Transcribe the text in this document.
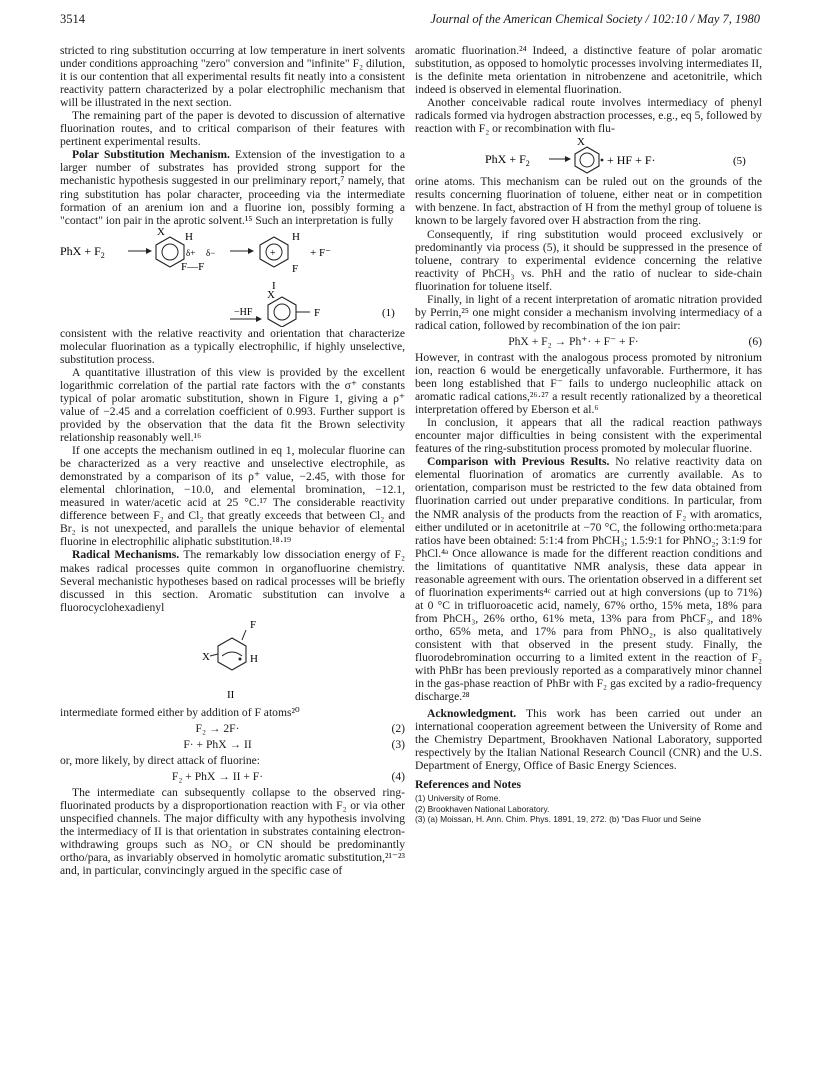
3514	Journal of the American Chemical Society / 102:10 / May 7, 1980

stricted to ring substitution occurring at low temperature in inert solvents under conditions approaching "zero" conversion and "infinite" F₂ dilution, it is our contention that all experimental results fit neatly into a consistent reactivity pattern characterized by a polar electrophilic mechanism that will be illustrated in the next section.

The remaining part of the paper is devoted to discussion of alternative fluorination routes, and to critical comparison of their features with pertinent experimental results.

Polar Substitution Mechanism. Extension of the investigation to a larger number of substrates has provided strong support for the mechanistic hypothesis suggested in our preliminary report,⁷ namely, that ring substitution has polar character, proceeding via the intermediate formation of an arenium ion and a fluorine ion, possibly forming a "contact" ion pair in the aprotic solvent.¹⁵ Such an interpretation is fully

PhX + $F_2$
X H
δ+ δ−
F—F
+
H
F
+ F⁻
I
−HF
X
F	(1)

consistent with the relative reactivity and orientation that characterize molecular fluorination as a typically electrophilic, if highly unselective, substitution process.

A quantitative illustration of this view is provided by the excellent logarithmic correlation of the partial rate factors with the σ⁺ constants typical of polar aromatic substitution, shown in Figure 1, giving a ρ⁺ value of −2.45 and a correlation coefficient of 0.993. Further support is provided by the observation that the data fit the Brown selectivity relationship reasonably well.¹⁶

If one accepts the mechanism outlined in eq 1, molecular fluorine can be characterized as a very reactive and unselective electrophile, as demonstrated by a comparison of its ρ⁺ value, −2.45, with those for elemental chlorination, −10.0, and elemental bromination, −12.1, measured in water/acetic acid at 25 °C.¹⁷ The considerable reactivity difference between F₂ and Cl₂ that greatly exceeds that between Cl₂ and Br₂ is not unexpected, and parallels the unique behavior of elemental fluorine in electrophilic aliphatic substitution.¹⁸·¹⁹

Radical Mechanisms. The remarkably low dissociation energy of F₂ makes radical processes quite common in organofluorine chemistry. Several mechanistic hypotheses based on radical processes will be briefly discussed in this section. Aromatic substitution can involve a fluorocyclohexadienyl

F
X	H
II

intermediate formed either by addition of F atoms²⁰

F₂ → 2F·	(2)
F· + PhX → II	(3)

or, more likely, by direct attack of fluorine:

F₂ + PhX → II + F·	(4)

The intermediate can subsequently collapse to the observed ring-fluorinated products by a disproportionation reaction with F₂ or via other unspecified channels. The major difficulty with any hypothesis involving the intermediacy of II is that orientation in substrates containing electron-withdrawing groups such as NO₂ or CN should be predominantly ortho/para, as invariably observed in homolytic aromatic substitution,²¹⁻²³ and, in particular, convincingly argued in the specific case of

aromatic fluorination.²⁴ Indeed, a distinctive feature of polar aromatic substitution, as opposed to homolytic processes involving intermediates II, is the definite meta orientation in nitrobenzene and acetonitrile, which indeed is observed in elemental fluorination.

Another conceivable radical route involves intermediacy of phenyl radicals formed via hydrogen abstraction processes, e.g., eq 5, followed by reaction with F₂ or recombination with flu-

PhX + $F_2$
X
+ HF + F·	(5)

orine atoms. This mechanism can be ruled out on the grounds of the results concerning fluorination of toluene, either neat or in competition with benzene. In fact, abstraction of H from the methyl group of toluene is known to be largely favored over H abstraction from the ring.

Consequently, if ring substitution would proceed exclusively or predominantly via process (5), it should be suppressed in the presence of toluene, contrary to experimental evidence concerning the relative reactivity of PhCH₃ vs. PhH and the ratio of nuclear to side-chain fluorination for toluene itself.

Finally, in light of a recent interpretation of aromatic nitration provided by Perrin,²⁵ one might consider a mechanism involving intermediacy of a radical cation, followed by recombination of the ion pair:

PhX + F₂ → Ph⁺· + F⁻ + F·	(6)

However, in contrast with the analogous process promoted by nitronium ion, reaction 6 would be energetically unfavorable. Furthermore, it has been long established that F⁻ fails to undergo nucleophilic attack on aromatic radical cations,²⁶·²⁷ a result recently rationalized by a theoretical interpretation offered by Eberson et al.⁶

In conclusion, it appears that all the radical reaction pathways encounter major difficulties in being consistent with the experimental features of the ring-substitution process promoted by molecular fluorine.

Comparison with Previous Results. No relative reactivity data on elemental fluorination of aromatics are currently available. As to orientation, comparison must be restricted to the few data obtained from fluorination carried out under preparative conditions. In particular, from the NMR analysis of the products from the reaction of F₂ with aromatics, either undiluted or in acetonitrile at −70 °C, the following ortho:meta:para ratios have been obtained: 5:1:4 from PhCH₃; 1.5:9:1 for PhNO₂; 3:1:9 for PhCl.⁴ᵃ Once allowance is made for the different reaction conditions and the limitations of quantitative NMR analysis, these data appear in reasonable agreement with ours. The orientation observed in a different set of fluorination experiments⁴ᶜ carried out at high conversions (up to 71%) at 0 °C in trifluoroacetic acid, namely, 67% ortho, 15% meta, 18% para from PhCH₃, 26% ortho, 61% meta, 13% para from PhCF₃, and 18% ortho, 65% meta, and 17% para from PhNO₂, is also qualitatively consistent with that observed in the present study. Finally, the fluorodebromination occurring to a limited extent in the reaction of F₂ with PhBr has been previously reported as a comparatively minor channel in the gas-phase reaction of PhBr with F₂ gas excited by a radio-frequency discharge.²⁸

Acknowledgment. This work has been carried out under an international cooperation agreement between the University of Rome and the Chemistry Department, Brookhaven National Laboratory, supported respectively by the Italian National Research Council (CNR) and the U.S. Department of Energy, Office of Basic Energy Sciences.

References and Notes
(1) University of Rome.
(2) Brookhaven National Laboratory.
(3) (a) Moissan, H. Ann. Chim. Phys. 1891, 19, 272. (b) "Das Fluor und Seine
